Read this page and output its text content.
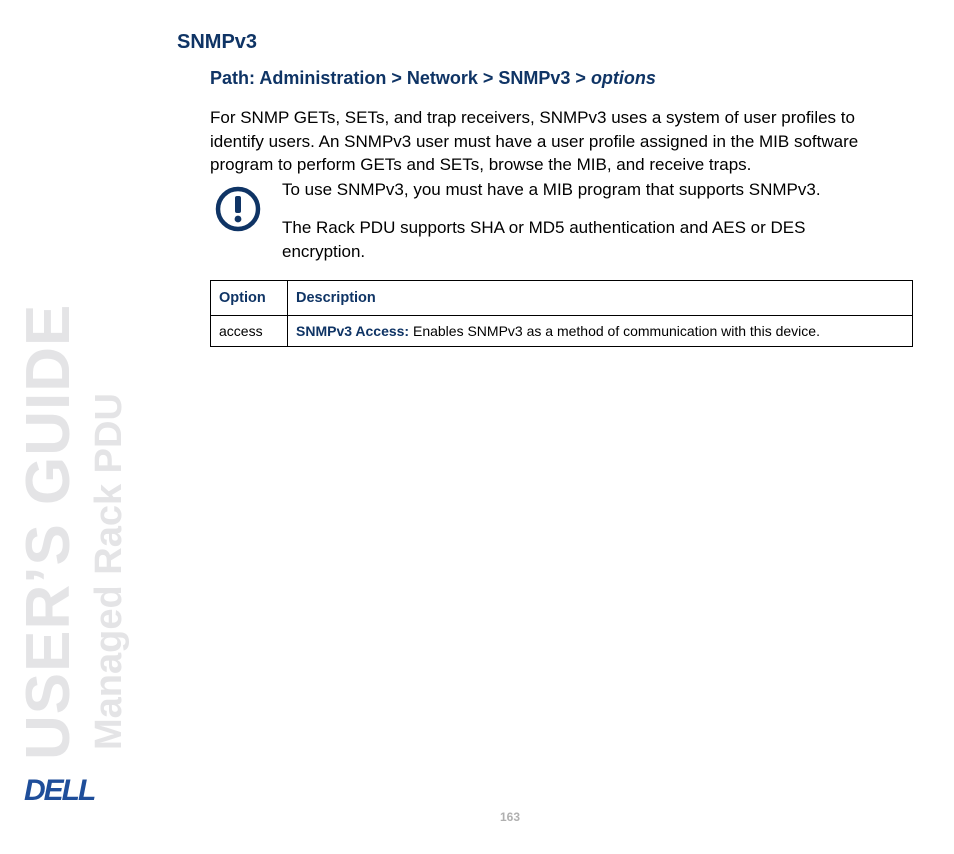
USER’S GUIDE Managed Rack PDU
DELL
SNMPv3
Path: Administration > Network > SNMPv3 > options
For SNMP GETs, SETs, and trap receivers, SNMPv3 uses a system of user profiles to identify users. An SNMPv3 user must have a user profile assigned in the MIB software program to perform GETs and SETs, browse the MIB, and receive traps.
To use SNMPv3, you must have a MIB program that supports SNMPv3.
The Rack PDU supports SHA or MD5 authentication and AES or DES encryption.
Option	Description
access	SNMPv3 Access: Enables SNMPv3 as a method of communication with this device.
163
